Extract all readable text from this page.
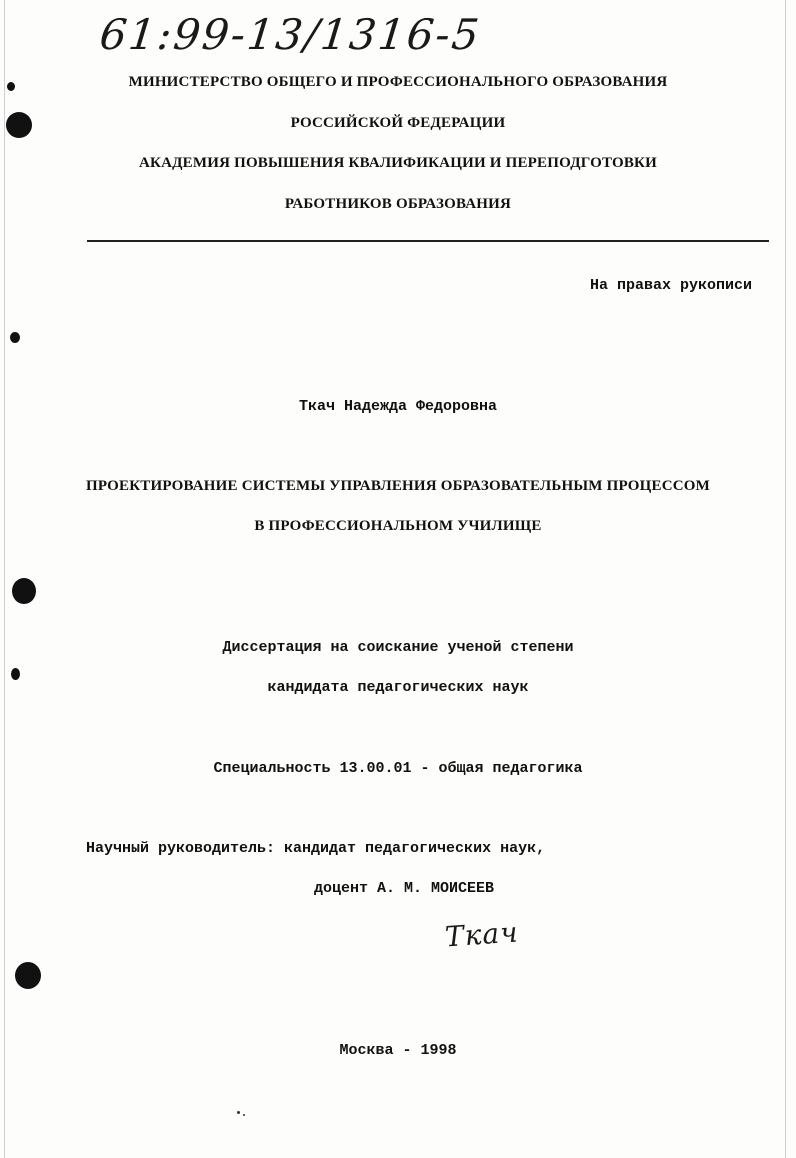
61:99-13/1316-5
МИНИСТЕРСТВО ОБЩЕГО И ПРОФЕССИОНАЛЬНОГО ОБРАЗОВАНИЯ
РОССИЙСКОЙ ФЕДЕРАЦИИ
АКАДЕМИЯ ПОВЫШЕНИЯ КВАЛИФИКАЦИИ И ПЕРЕПОДГОТОВКИ
РАБОТНИКОВ ОБРАЗОВАНИЯ
На правах рукописи
Ткач Надежда Федоровна
ПРОЕКТИРОВАНИЕ СИСТЕМЫ УПРАВЛЕНИЯ ОБРАЗОВАТЕЛЬНЫМ ПРОЦЕССОМ
В ПРОФЕССИОНАЛЬНОМ УЧИЛИЩЕ
Диссертация на соискание ученой степени
кандидата педагогических наук
Специальность 13.00.01 - общая педагогика
Научный руководитель: кандидат педагогических наук,
доцент А. М. МОИСЕЕВ
Ткач
Москва - 1998
